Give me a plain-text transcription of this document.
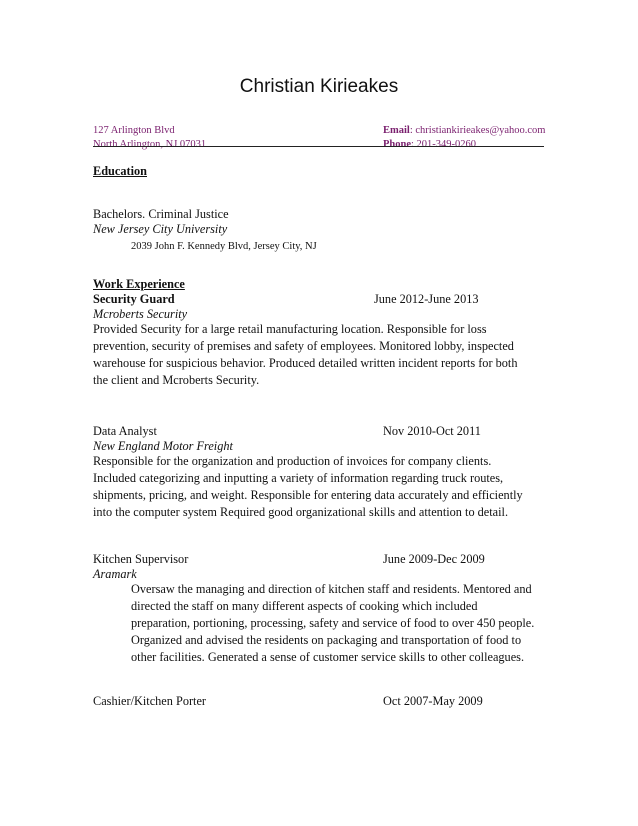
Christian Kirieakes
127 Arlington Blvd
North Arlington, NJ 07031
Email: christiankirieakes@yahoo.com
Phone: 201-349-0260
Education
Bachelors. Criminal Justice
New Jersey City University
2039 John F. Kennedy Blvd, Jersey City, NJ
Work Experience
Security Guard	June 2012-June 2013
Mcroberts Security
Provided Security for a large retail manufacturing location. Responsible for loss
prevention, security of premises and safety of employees. Monitored lobby, inspected
warehouse for suspicious behavior. Produced detailed written incident reports for both
the client and Mcroberts Security.
Data Analyst	Nov 2010-Oct 2011
New England Motor Freight
Responsible for the organization and production of invoices for company clients.
Included categorizing and inputting a variety of information regarding truck routes,
shipments, pricing, and weight. Responsible for entering data accurately and efficiently
into the computer system Required good organizational skills and attention to detail.
Kitchen Supervisor	June 2009-Dec 2009
Aramark
Oversaw the managing and direction of kitchen staff and residents. Mentored and
directed the staff on many different aspects of cooking which included
preparation, portioning, processing, safety and service of food to over 450 people.
Organized and advised the residents on packaging and transportation of food to
other facilities. Generated a sense of customer service skills to other colleagues.
Cashier/Kitchen Porter	Oct 2007-May 2009
